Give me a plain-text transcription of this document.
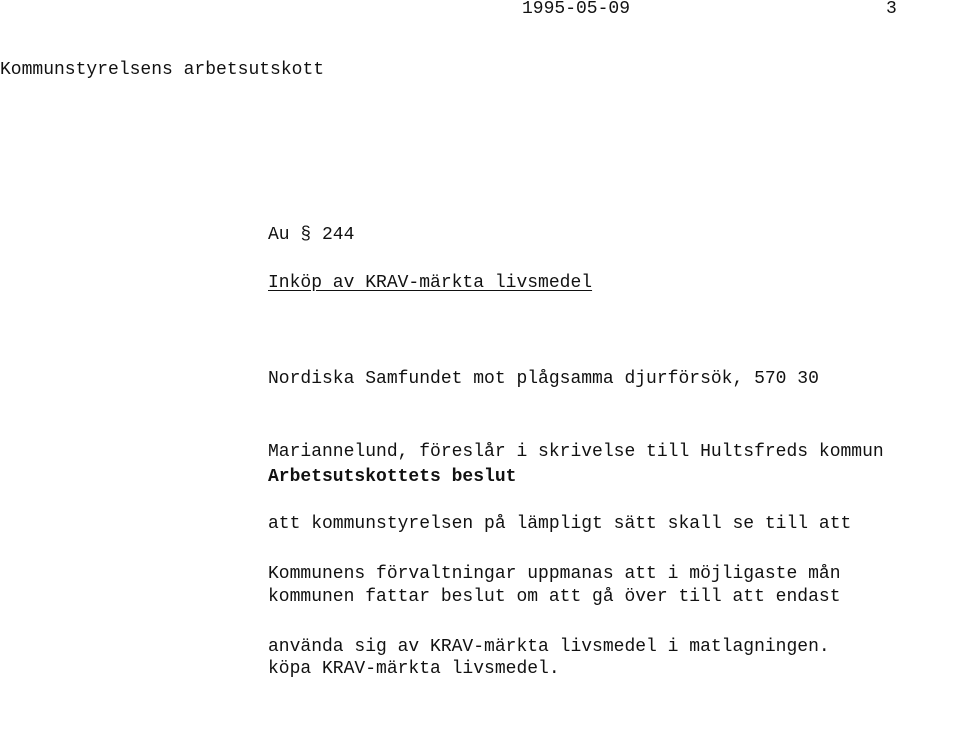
1995-05-09	3
Kommunstyrelsens arbetsutskott
Au § 244
Inköp av KRAV-märkta livsmedel

Nordiska Samfundet mot plågsamma djurförsök, 570 30

Mariannelund, föreslår i skrivelse till Hultsfreds kommun

att kommunstyrelsen på lämpligt sätt skall se till att

kommunen fattar beslut om att gå över till att endast

köpa KRAV-märkta livsmedel.

Arbetsutskottets beslut

Kommunens förvaltningar uppmanas att i möjligaste mån

använda sig av KRAV-märkta livsmedel i matlagningen.
